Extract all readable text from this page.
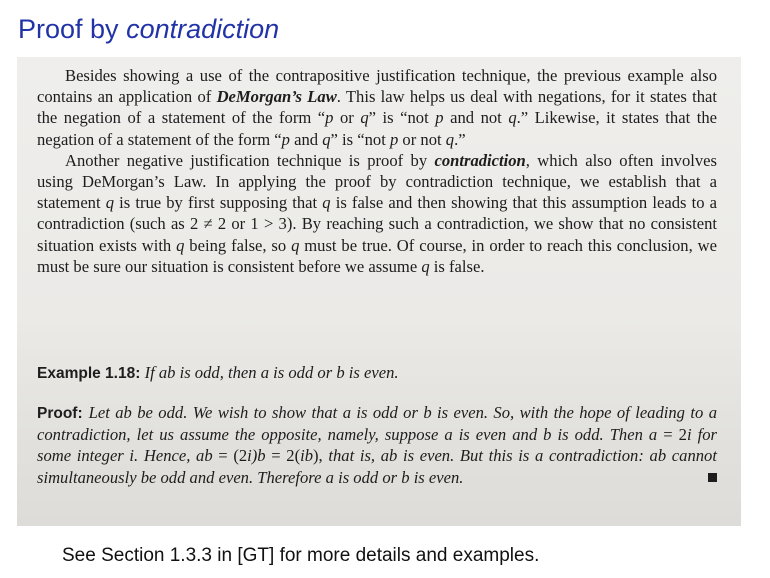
Proof by contradiction

Besides showing a use of the contrapositive justification technique, the previous example also contains an application of DeMorgan’s Law. This law helps us deal with negations, for it states that the negation of a statement of the form “p or q” is “not p and not q.” Likewise, it states that the negation of a statement of the form “p and q” is “not p or not q.”

Another negative justification technique is proof by contradiction, which also often involves using DeMorgan’s Law. In applying the proof by contradiction technique, we establish that a statement q is true by first supposing that q is false and then showing that this assumption leads to a contradiction (such as 2 ≠ 2 or 1 > 3). By reaching such a contradiction, we show that no consistent situation exists with q being false, so q must be true. Of course, in order to reach this conclusion, we must be sure our situation is consistent before we assume q is false.

Example 1.18: If ab is odd, then a is odd or b is even.
Proof: Let ab be odd. We wish to show that a is odd or b is even. So, with the hope of leading to a contradiction, let us assume the opposite, namely, suppose a is even and b is odd. Then a = 2i for some integer i. Hence, ab = (2i)b = 2(ib), that is, ab is even. But this is a contradiction: ab cannot simultaneously be odd and even. Therefore a is odd or b is even.
See Section 1.3.3 in [GT] for more details and examples.
